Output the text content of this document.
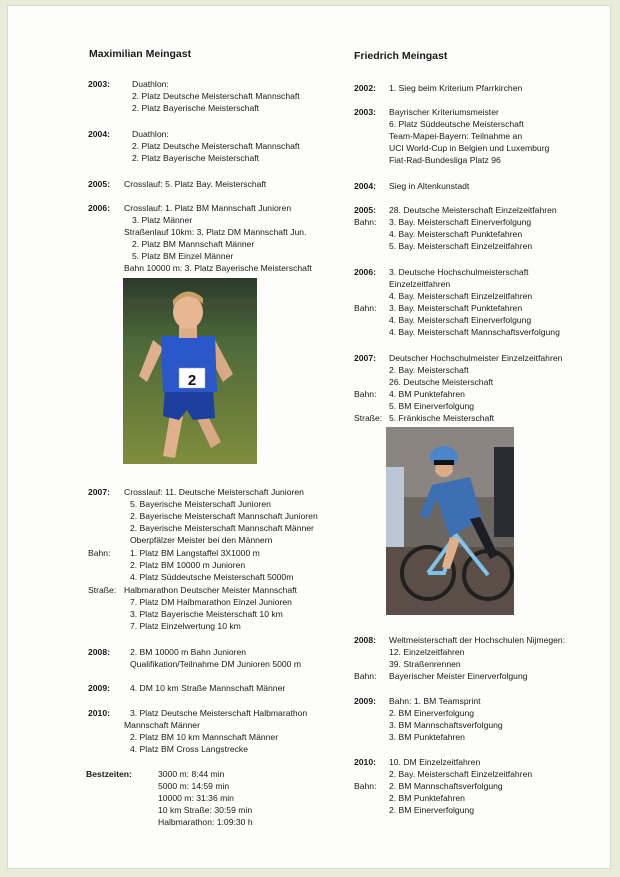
Maximilian Meingast
2003:	Duathlon:
2. Platz Deutsche Meisterschaft Mannschaft
2. Platz Bayerische Meisterschaft
2004:	Duathlon:
2. Platz Deutsche Meisterschaft Mannschaft
2. Platz Bayerische Meisterschaft
2005: Crosslauf: 5. Platz Bay. Meisterschaft
2006: Crosslauf: 1. Platz BM Mannschaft Junioren
3. Platz Männer
Straßenlauf 10km: 3. Platz DM Mannschaft Jun.
2. Platz BM Mannschaft Männer
5. Platz BM Einzel Männer
Bahn 10000 m: 3. Platz Bayerische Meisterschaft
2
2007: Crosslauf: 11. Deutsche Meisterschaft Junioren
5. Bayerische Meisterschaft Junioren
2. Bayerische Meisterschaft Mannschaft Junioren
2. Bayerische Meisterschaft Mannschaft Männer
Oberpfälzer Meister bei den Männern
Bahn: 1. Platz BM Langstaffel 3X1000 m
2. Platz BM 10000 m Junioren
4. Platz Süddeutsche Meisterschaft 5000m
Straße: Halbmarathon Deutscher Meister Mannschaft
7. Platz DM Halbmarathon Einzel Junioren
3. Platz Bayerische Meisterschaft 10 km
7. Platz Einzelwertung 10 km
2008: 2. BM 10000 m Bahn Junioren
Qualifikation/Teilnahme DM Junioren 5000 m
2009: 4. DM 10 km Straße Mannschaft Männer
2010: 3. Platz Deutsche Meisterschaft Halbmarathon
Mannschaft Männer
2. Platz BM 10 km Mannschaft Männer
4. Platz BM Cross Langstrecke
Bestzeiten:	3000 m: 8:44 min
5000 m: 14:59 min
10000 m: 31:36 min
10 km Straße: 30:59 min
Halbmarathon: 1:09:30 h
Friedrich Meingast
2002: 1. Sieg beim Kriterium Pfarrkirchen
2003: Bayrischer Kriteriumsmeister
6. Platz Süddeutsche Meisterschaft
Team-Mapei-Bayern: Teilnahme an
UCI World-Cup in Belgien und Luxemburg
Fiat-Rad-Bundesliga Platz 96
2004: Sieg in Altenkunstadt
2005: 28. Deutsche Meisterschaft Einzelzeitfahren
Bahn: 3. Bay. Meisterschaft Einerverfolgung
4. Bay. Meisterschaft Punktefahren
5. Bay. Meisterschaft Einzelzeitfahren
2006: 3. Deutsche Hochschulmeisterschaft
Einzelzeitfahren
4. Bay. Meisterschaft Einzelzeitfahren
Bahn: 3. Bay. Meisterschaft Punktefahren
4. Bay. Meisterschaft Einerverfolgung
4. Bay. Meisterschaft Mannschaftsverfolgung
2007: Deutscher Hochschulmeister Einzelzeitfahren
2. Bay. Meisterschaft
26. Deutsche Meisterschaft
Bahn: 4. BM Punktefahren
5. BM Einerverfolgung
Straße: 5. Fränkische Meisterschaft
2008: Weltmeisterschaft der Hochschulen Nijmegen:
12. Einzelzeitfahren
39. Straßenrennen
Bahn: Bayerischer Meister Einerverfolgung
2009: Bahn: 1. BM Teamsprint
2. BM Einerverfolgung
3. BM Mannschaftsverfolgung
3. BM Punktefahren
2010: 10. DM Einzelzeitfahren
2. Bay. Meisterschaft Einzelzeitfahren
Bahn: 2. BM Mannschaftsverfolgung
2. BM Punktefahren
2. BM Einerverfolgung
